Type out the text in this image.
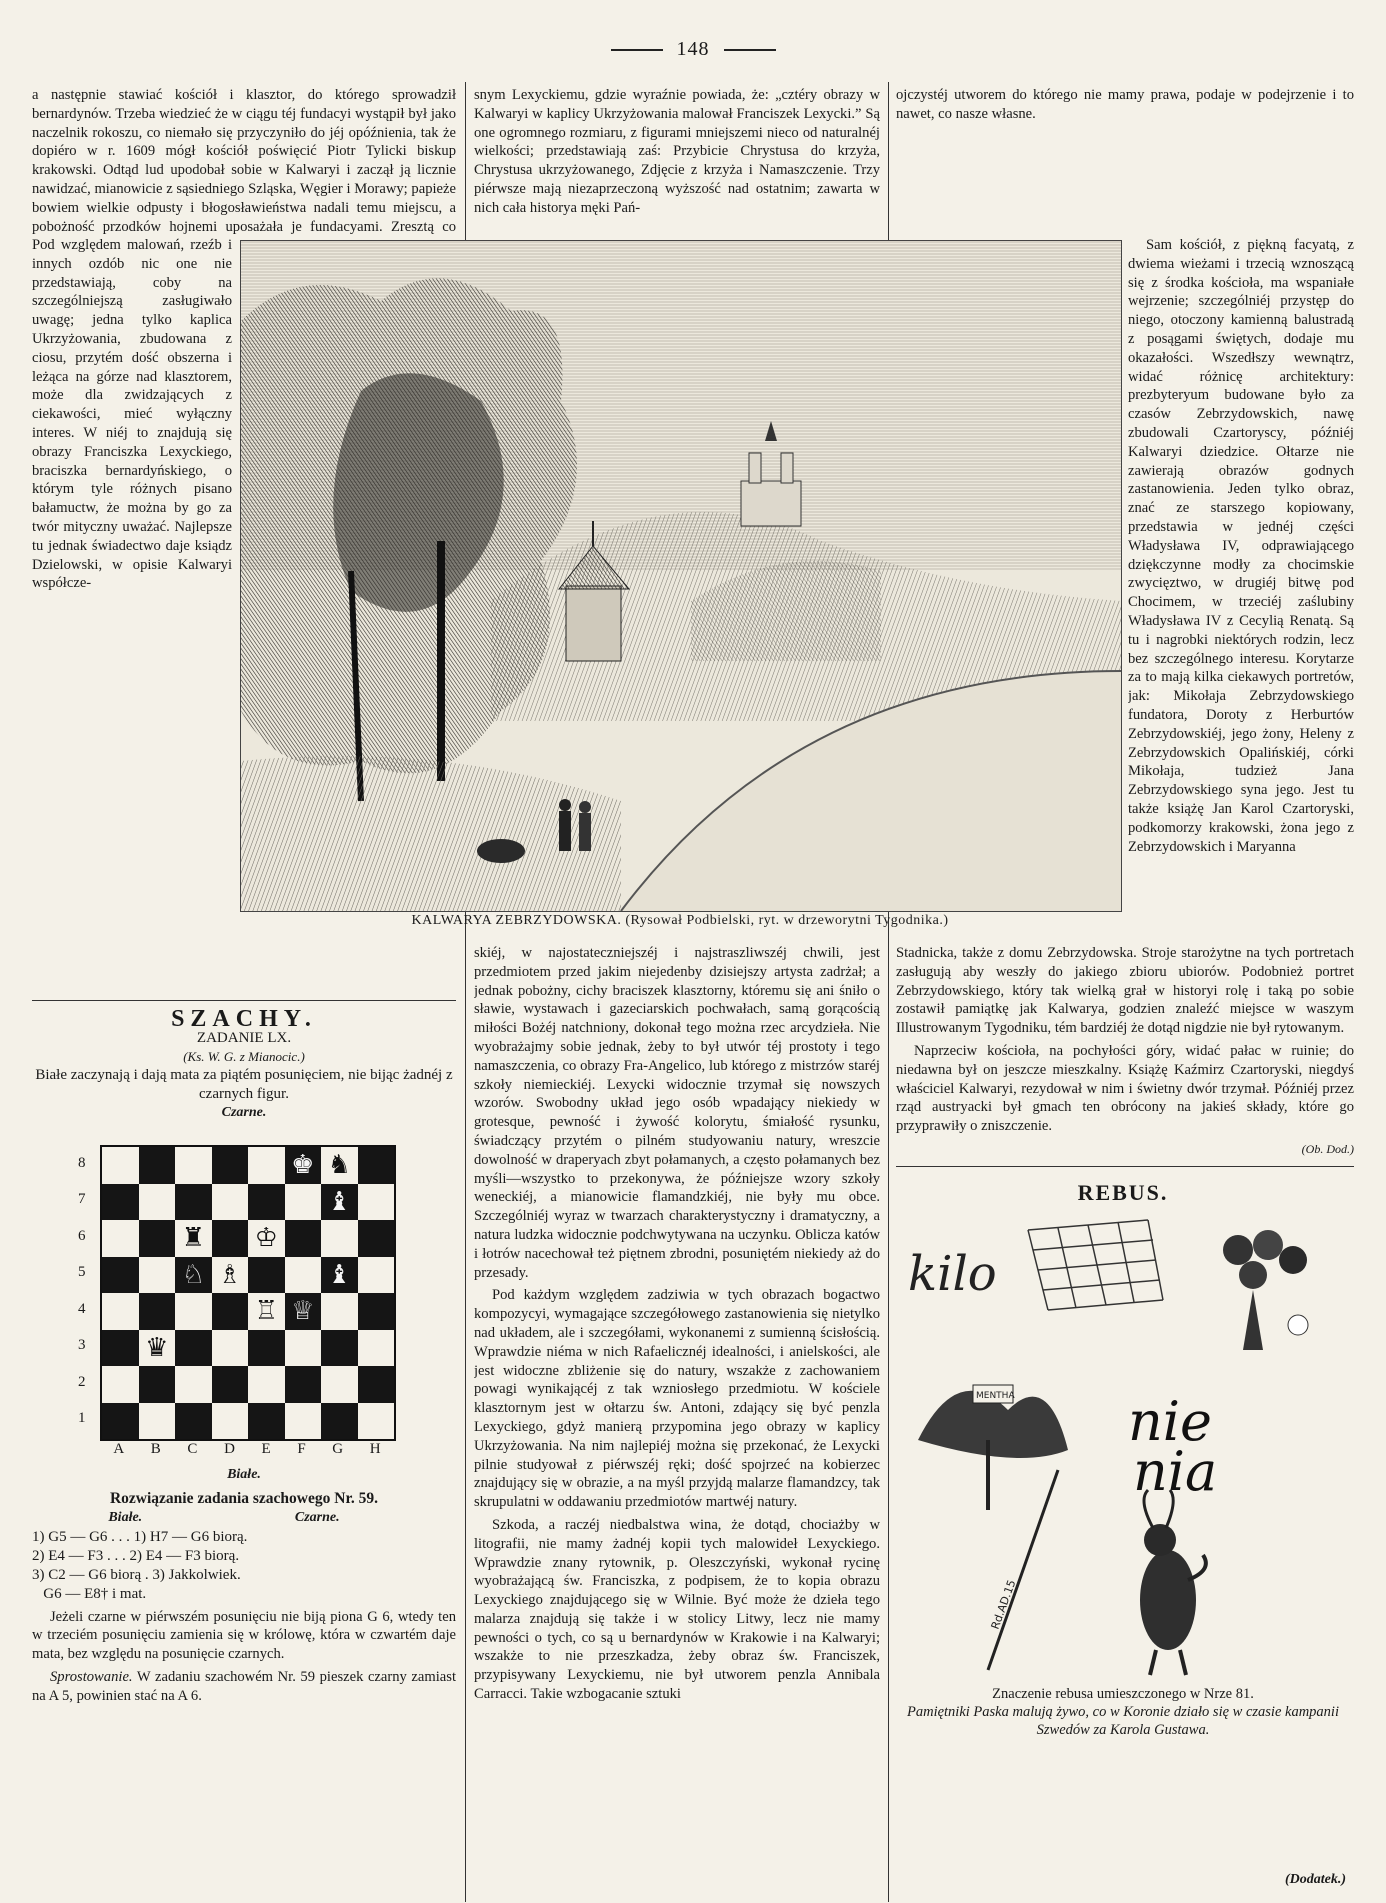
148

a następnie stawiać kościół i klasztor, do którego sprowadził bernardynów. Trzeba wiedzieć że w ciągu téj fundacyi wystąpił był jako naczelnik rokoszu, co niemało się przyczyniło do jéj opóźnienia, tak że dopiéro w r. 1609 mógł kościół poświęcić Piotr Tylicki biskup krakowski. Odtąd lud upodobał sobie w Kalwaryi i zaczął ją licznie nawidzać, mianowicie z sąsiedniego Szląska, Węgier i Morawy; papieże bowiem wielkie odpusty i błogosławieństwa nadali temu miejscu, a pobożność przodków hojnemi uposażała je fundacyami. Zresztą co

Pod względem malowań, rzeźb i innych ozdób nic one nie przedstawiają, coby na szczególniejszą zasługiwało uwagę; jedna tylko kaplica Ukrzyżowania, zbudowana z ciosu, przytém dość obszerna i leżąca na górze nad klasztorem, może dla zwidzających z ciekawości, mieć wyłączny interes. W niéj to znajdują się obrazy Franciszka Lexyckiego, braciszka bernardyńskiego, o którym tyle różnych pisano bałamuctw, że można by go za twór mityczny uważać. Najlepsze tu jednak świadectwo daje ksiądz Dzielowski, w opisie Kalwaryi współcze-

snym Lexyckiemu, gdzie wyraźnie powiada, że: „cztéry obrazy w Kalwaryi w kaplicy Ukrzyżowania malował Franciszek Lexycki.” Są one ogromnego rozmiaru, z figurami mniejszemi nieco od naturalnéj wielkości; przedstawiają zaś: Przybicie Chrystusa do krzyża, Chrystusa ukrzyżowanego, Zdjęcie z krzyża i Namaszczenie. Trzy piérwsze mają niezaprzeczoną wyższość nad ostatnim; zawarta w nich cała historya męki Pań-

ojczystéj utworem do którego nie mamy prawa, podaje w podejrzenie i to nawet, co nasze własne.

Sam kościół, z piękną facyatą, z dwiema wieżami i trzecią wznoszącą się z środka kościoła, ma wspaniałe wejrzenie; szczególniéj przystęp do niego, otoczony kamienną balustradą z posągami świętych, dodaje mu okazałości. Wszedłszy wewnątrz, widać różnicę architektury: prezbyteryum budowane było za czasów Zebrzydowskich, nawę zbudowali Czartoryscy, późniéj Kalwaryi dziedzice. Ołtarze nie zawierają obrazów godnych zastanowienia. Jeden tylko obraz, znać ze starszego kopiowany, przedstawia w jednéj części Władysława IV, odprawiającego dziękczynne modły za chocimskie zwycięztwo, w drugiéj bitwę pod Chocimem, w trzeciéj zaślubiny Władysława IV z Cecylią Renatą. Są tu i nagrobki niektórych rodzin, lecz bez szczególnego interesu. Korytarze za to mają kilka ciekawych portretów, jak: Mikołaja Zebrzydowskiego fundatora, Doroty z Herburtów Zebrzydowskiéj, jego żony, Heleny z Zebrzydowskich Opalińskiéj, córki Mikołaja, tudzież Jana Zebrzydowskiego syna jego. Jest tu także książę Jan Karol Czartoryski, podkomorzy krakowski, żona jego z Zebrzydowskich i Maryanna

KALWARYA ZEBRZYDOWSKA. (Rysował Podbielski, ryt. w drzeworytni Tygodnika.)

skiéj, w najostateczniejszéj i najstraszliwszéj chwili, jest przedmiotem przed jakim niejedenby dzisiejszy artysta zadrżał; a jednak pobożny, cichy braciszek klasztorny, któremu się ani śniło o sławie, wystawach i gazeciarskich pochwałach, samą gorącością miłości Bożéj natchniony, dokonał tego można rzec arcydzieła. Nie wyobrażajmy sobie jednak, żeby to był utwór téj prostoty i tego namaszczenia, co obrazy Fra-Angelico, lub którego z mistrzów staréj szkoły niemieckiéj. Lexycki widocznie trzymał się nowszych wzorów. Swobodny układ jego osób wpadający niekiedy w grotesque, pewność i żywość kolorytu, śmiałość rysunku, świadczący przytém o pilném studyowaniu natury, wreszcie dowolność w draperyach zbyt połamanych, a często połamanych bez myśli—wszystko to przekonywa, że późniejsze wzory szkoły weneckiéj, a mianowicie flamandzkiéj, nie były mu obce. Szczególniéj wyraz w twarzach charakterystyczny i dramatyczny, a natura ludzka widocznie podchwytywana na uczynku. Oblicza katów i łotrów nacechował też piętnem zbrodni, posuniętém niekiedy aż do przesady.

Pod każdym względem zadziwia w tych obrazach bogactwo kompozycyi, wymagające szczegółowego zastanowienia się nietylko nad układem, ale i szczegółami, wykonanemi z sumienną ścisłością. Wprawdzie niéma w nich Rafaelicznéj idealności, i anielskości, ale jest widoczne zbliżenie się do natury, wszakże z zachowaniem powagi wynikającéj z tak wzniosłego przedmiotu. W kościele klasztornym jest w ołtarzu św. Antoni, zdający się być penzla Lexyckiego, gdyż manierą przypomina jego obrazy w kaplicy Ukrzyżowania. Na nim najlepiéj można się przekonać, że Lexycki pilnie studyował z piérwszéj ręki; dość spojrzeć na kobierzec znajdujący się w obrazie, a na myśl przyjdą malarze flamandzcy, tak skrupulatni w oddawaniu przedmiotów martwéj natury.

Szkoda, a raczéj niedbalstwa wina, że dotąd, chociażby w litografii, nie mamy żadnéj kopii tych malowideł Lexyckiego. Wprawdzie znany rytownik, p. Oleszczyński, wykonał rycinę wyobrażającą św. Franciszka, z podpisem, że to kopia obrazu Lexyckiego znajdującego się w Wilnie. Być może że dzieła tego malarza znajdują się także i w stolicy Litwy, lecz nie mamy pewności o tych, co są u bernardynów w Krakowie i na Kalwaryi; wszakże to nie przeszkadza, żeby obraz św. Franciszek, przypisywany Lexyckiemu, nie był utworem penzla Annibala Carracci. Takie wzbogacanie sztuki

Stadnicka, także z domu Zebrzydowska. Stroje starożytne na tych portretach zasługują aby weszły do jakiego zbioru ubiorów. Podobnież portret Zebrzydowskiego, który tak wielką grał w historyi rolę i taką po sobie zostawił pamiątkę jak Kalwarya, godzien znaleźć miejsce w waszym Illustrowanym Tygodniku, tém bardziéj że dotąd nigdzie nie był rytowanym.

Naprzeciw kościoła, na pochyłości góry, widać pałac w ruinie; do niedawna był on jeszcze mieszkalny. Książę Kaźmirz Czartoryski, niegdyś właściciel Kalwaryi, rezydował w nim i świetny dwór trzymał. Późniéj przez rząd austryacki był gmach ten obrócony na jakieś składy, które go przyprawiły o zniszczenie.

(Ob. Dod.)
SZACHY.
ZADANIE LX.
(Ks. W. G. z Mianocic.)
Białe zaczynają i dają mata za piątém posunięciem, nie bijąc żadnéj z czarnych figur.
Czarne.
8
7
6
5
4
3
2
1
♚ ♞
♝
♜ ♔
♘ ♗	♝
♖ ♕
♛
A B C D E F G H
Białe.
Rozwiązanie zadania szachowego Nr. 59.
Białe.	Czarne.
1) G5 — G6 . . . 1) H7 — G6 biorą.
2) E4 — F3 . . . 2) E4 — F3 biorą.
3) C2 — G6 biorą . 3) Jakkolwiek.
G6 — E8† i mat.

Jeżeli czarne w piérwszém posunięciu nie biją piona G 6, wtedy ten w trzeciém posunięciu zamienia się w królowę, która w czwartém daje mata, bez względu na posunięcie czarnych.

Sprostowanie. W zadaniu szachowém Nr. 59 pieszek czarny zamiast na A 5, powinien stać na A 6.

REBUS.
kilo
MENTHA nie
nia
Rd.AD.15
Znaczenie rebusa umieszczonego w Nrze 81.
Pamiętniki Paska malują żywo, co w Koronie działo się w czasie kampanii Szwedów za Karola Gustawa.
(Dodatek.)
